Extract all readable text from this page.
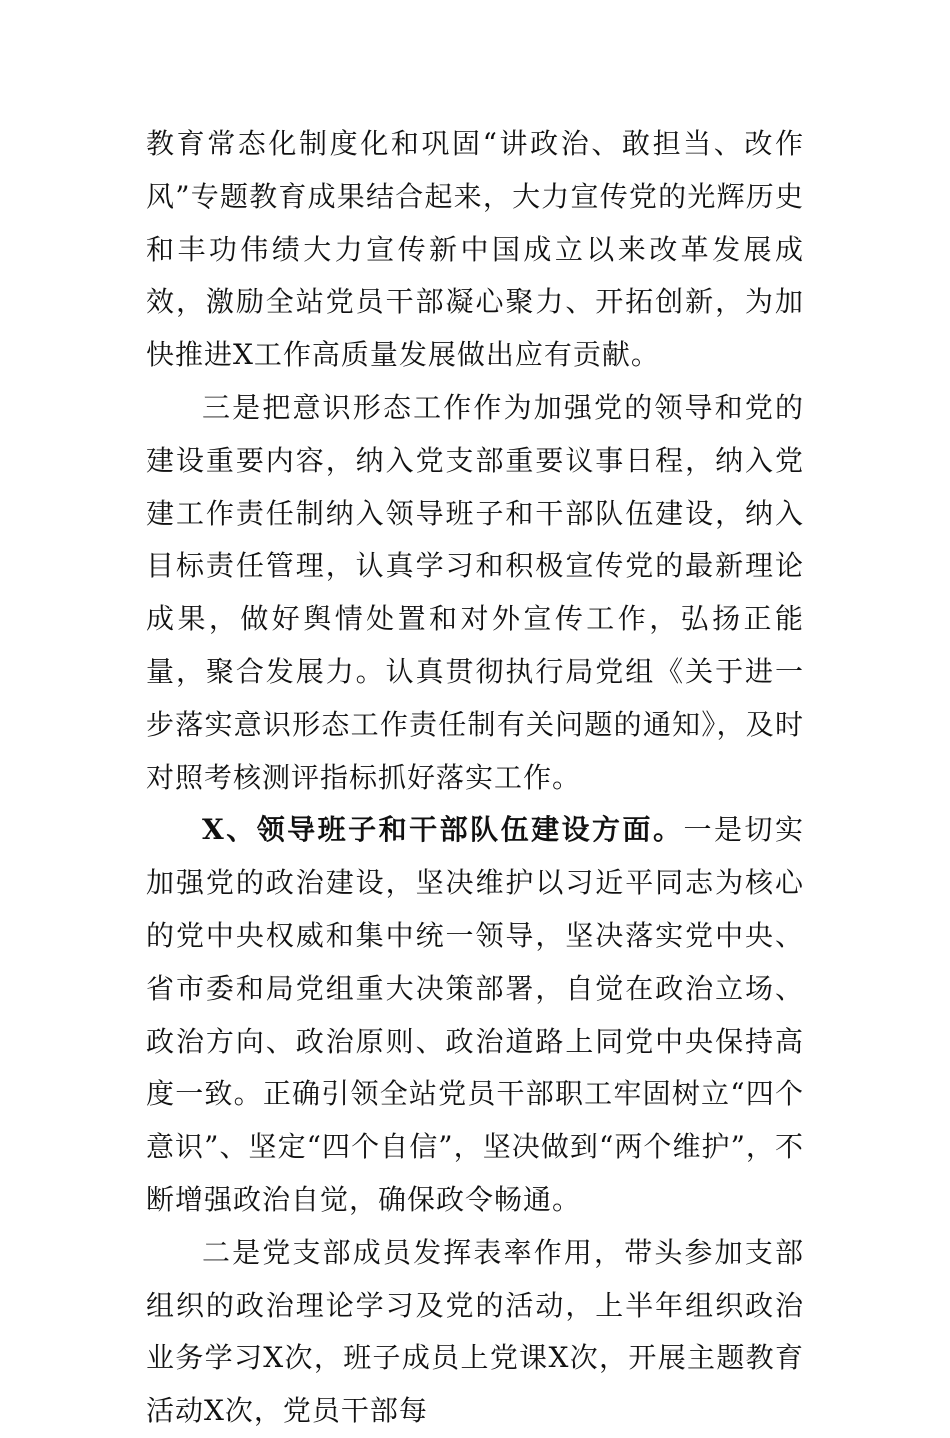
教育常态化制度化和巩固“讲政治、敢担当、改作风”专题教育成果结合起来，大力宣传党的光辉历史和丰功伟绩大力宣传新中国成立以来改革发展成效，激励全站党员干部凝心聚力、开拓创新，为加快推进X工作高质量发展做出应有贡献。

三是把意识形态工作作为加强党的领导和党的建设重要内容，纳入党支部重要议事日程，纳入党建工作责任制纳入领导班子和干部队伍建设，纳入目标责任管理，认真学习和积极宣传党的最新理论成果，做好舆情处置和对外宣传工作，弘扬正能量，聚合发展力。认真贯彻执行局党组《关于进一步落实意识形态工作责任制有关问题的通知》，及时对照考核测评指标抓好落实工作。

X、领导班子和干部队伍建设方面。一是切实加强党的政治建设，坚决维护以习近平同志为核心的党中央权威和集中统一领导，坚决落实党中央、省市委和局党组重大决策部署，自觉在政治立场、政治方向、政治原则、政治道路上同党中央保持高度一致。正确引领全站党员干部职工牢固树立“四个意识”、坚定“四个自信”，坚决做到“两个维护”，不断增强政治自觉，确保政令畅通。

二是党支部成员发挥表率作用，带头参加支部组织的政治理论学习及党的活动，上半年组织政治业务学习X次，班子成员上党课X次，开展主题教育活动X次，党员干部每
